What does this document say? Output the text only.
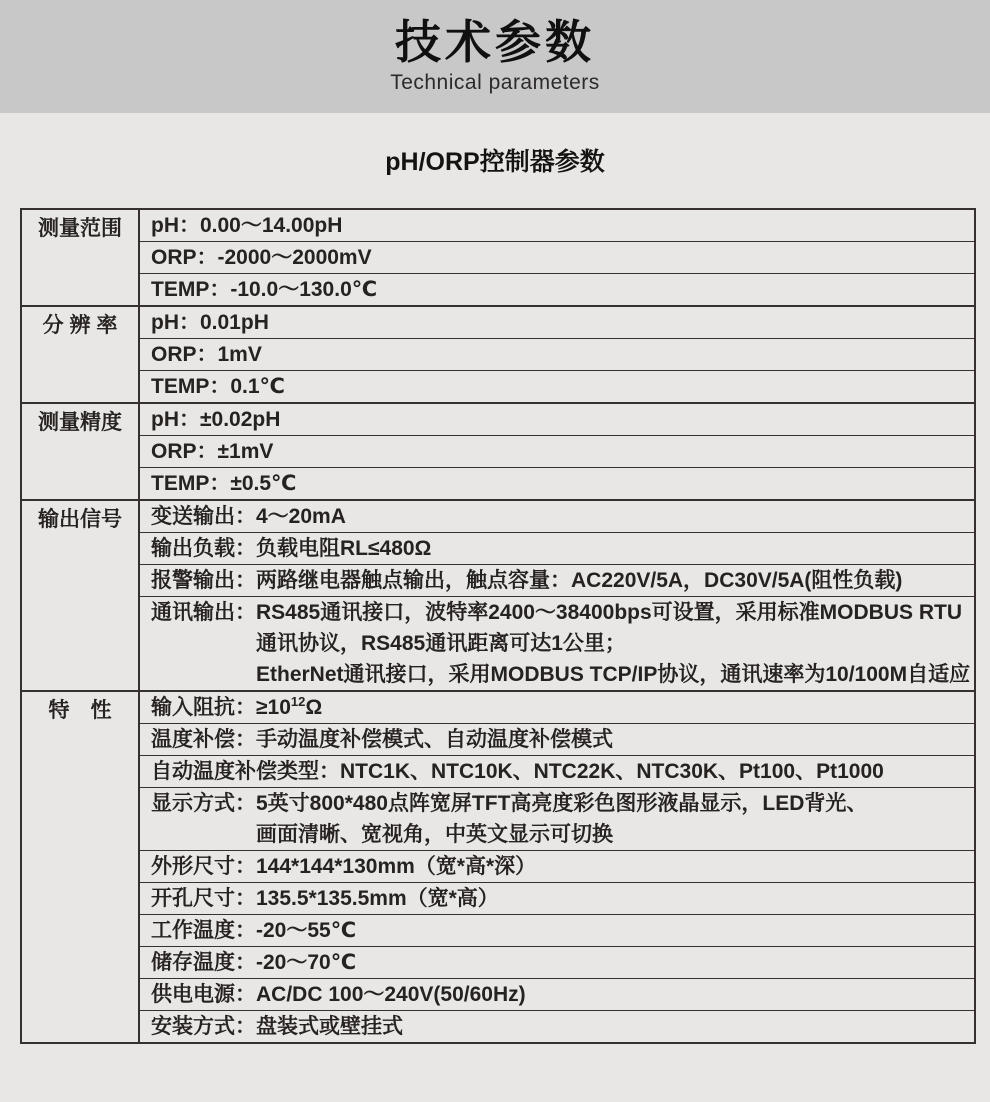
技术参数
Technical parameters
pH/ORP控制器参数
测量范围	pH：0.00～14.00pH
ORP：-2000～2000mV
TEMP：-10.0～130.0℃
分 辨 率	pH：0.01pH
ORP：1mV
TEMP：0.1℃
测量精度	pH：±0.02pH
ORP：±1mV
TEMP：±0.5℃
输出信号	变送输出：4～20mA
输出负载：负载电阻RL≤480Ω
报警输出：两路继电器触点输出，触点容量：AC220V/5A，DC30V/5A(阻性负载)
通讯输出：RS485通讯接口，波特率2400～38400bps可设置，采用标准MODBUS RTU
通讯协议，RS485通讯距离可达1公里；
EtherNet通讯接口，采用MODBUS TCP/IP协议，通讯速率为10/100M自适应
特　性	输入阻抗：$\ge 10^{12}\Omega$
温度补偿：手动温度补偿模式、自动温度补偿模式
自动温度补偿类型：NTC1K、NTC10K、NTC22K、NTC30K、Pt100、Pt1000
显示方式：5英寸800*480点阵宽屏TFT高亮度彩色图形液晶显示，LED背光、
画面清晰、宽视角，中英文显示可切换
外形尺寸：144*144*130mm（宽*高*深）
开孔尺寸：135.5*135.5mm（宽*高）
工作温度：-20～55℃
储存温度：-20～70℃
供电电源：AC/DC 100～240V(50/60Hz)
安装方式：盘装式或壁挂式
